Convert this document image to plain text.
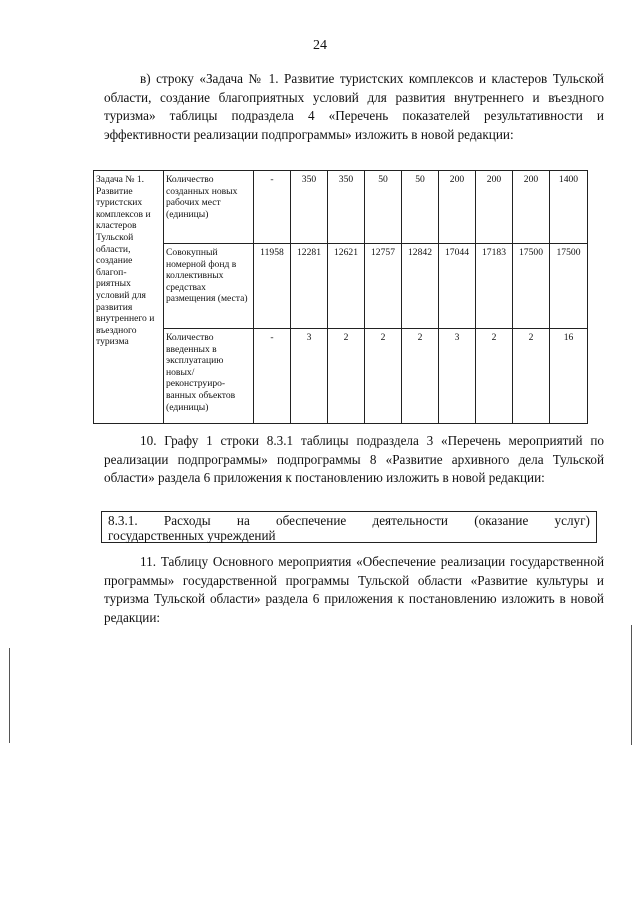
24

в) строку «Задача № 1. Развитие туристских комплексов и кластеров Тульской области, создание благоприятных условий для развития внутреннего и въездного туризма» таблицы подраздела 4 «Перечень показателей результативности и эффективности реализации подпрограммы» изложить в новой редакции:

Задача № 1. Развитие туристских комплексов и кластеров Тульской области, создание благоп-риятных условий для развития внутреннего и въездного туризма	Количество созданных новых рабочих мест (единицы)	-	350	350	50	50	200	200	200	1400
	Совокупный номерной фонд в коллективных средствах размещения (места)	11958	12281	12621	12757	12842	17044	17183	17500	17500
	Количество введенных в эксплуатацию новых/ реконструиро-ванных объектов (единицы)	-	3	2	2	2	3	2	2	16

10. Графу 1 строки 8.3.1 таблицы подраздела 3 «Перечень мероприятий по реализации подпрограммы» подпрограммы 8 «Развитие архивного дела Тульской области» раздела 6 приложения к постановлению изложить в новой редакции:

8.3.1. Расходы на обеспечение деятельности (оказание услуг)
государственных учреждений

11. Таблицу Основного мероприятия «Обеспечение реализации государственной программы» государственной программы Тульской области «Развитие культуры и туризма Тульской области» раздела 6 приложения к постановлению изложить в новой редакции:
